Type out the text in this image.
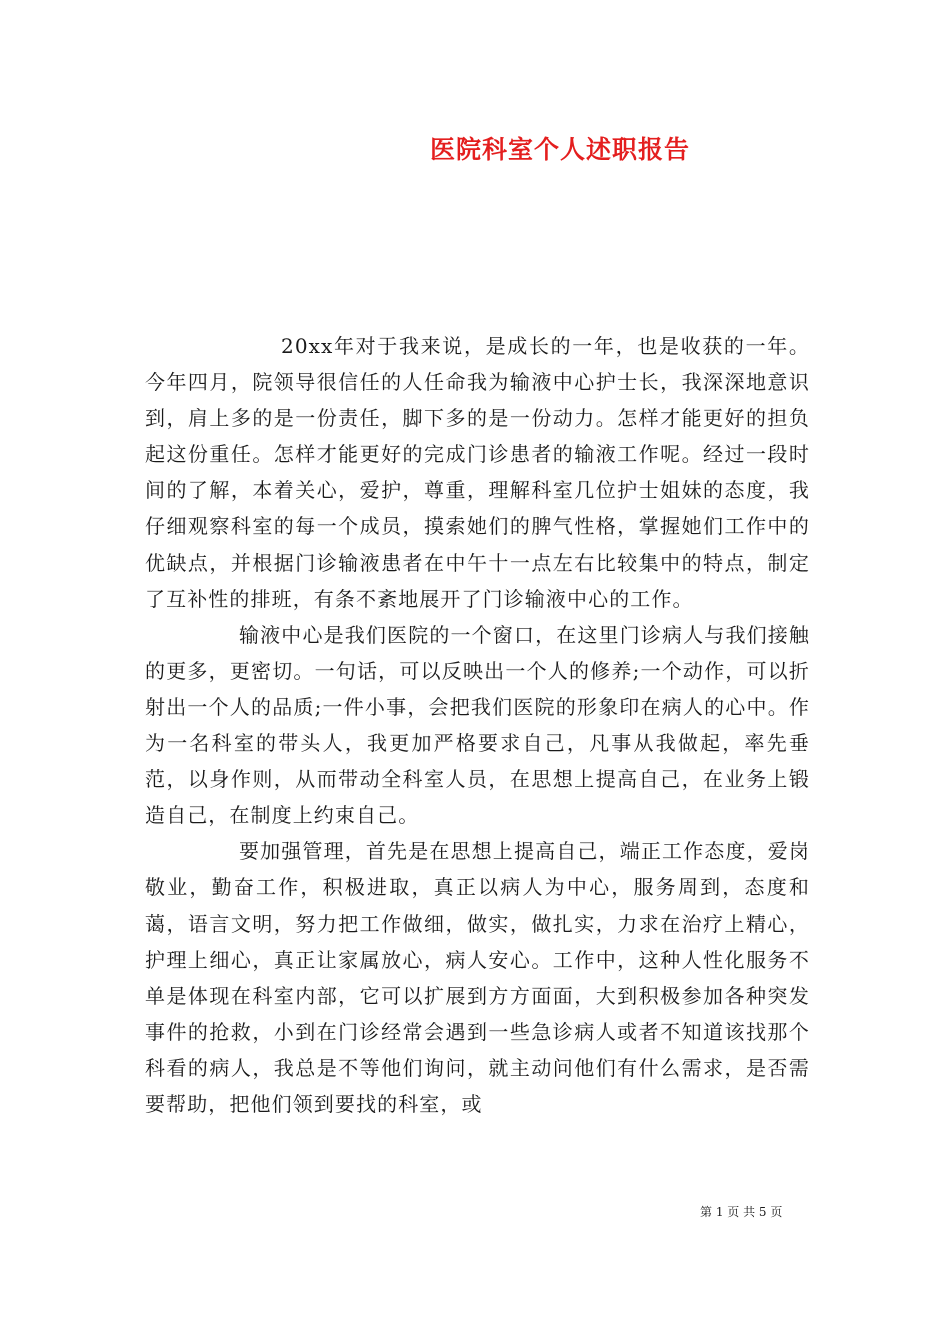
医院科室个人述职报告

20xx年对于我来说，是成长的一年，也是收获的一年。今年四月，院领导很信任的人任命我为输液中心护士长，我深深地意识到，肩上多的是一份责任，脚下多的是一份动力。怎样才能更好的担负起这份重任。怎样才能更好的完成门诊患者的输液工作呢。经过一段时间的了解，本着关心，爱护，尊重，理解科室几位护士姐妹的态度，我仔细观察科室的每一个成员，摸索她们的脾气性格，掌握她们工作中的优缺点，并根据门诊输液患者在中午十一点左右比较集中的特点，制定了互补性的排班，有条不紊地展开了门诊输液中心的工作。

输液中心是我们医院的一个窗口，在这里门诊病人与我们接触的更多，更密切。一句话，可以反映出一个人的修养;一个动作，可以折射出一个人的品质;一件小事，会把我们医院的形象印在病人的心中。作为一名科室的带头人，我更加严格要求自己，凡事从我做起，率先垂范，以身作则，从而带动全科室人员，在思想上提高自己，在业务上锻造自己，在制度上约束自己。

要加强管理，首先是在思想上提高自己，端正工作态度，爱岗敬业，勤奋工作，积极进取，真正以病人为中心，服务周到，态度和蔼，语言文明，努力把工作做细，做实，做扎实，力求在治疗上精心，护理上细心，真正让家属放心，病人安心。工作中，这种人性化服务不单是体现在科室内部，它可以扩展到方方面面，大到积极参加各种突发事件的抢救，小到在门诊经常会遇到一些急诊病人或者不知道该找那个科看的病人，我总是不等他们询问，就主动问他们有什么需求，是否需要帮助，把他们领到要找的科室，或

第 1 页 共 5 页
